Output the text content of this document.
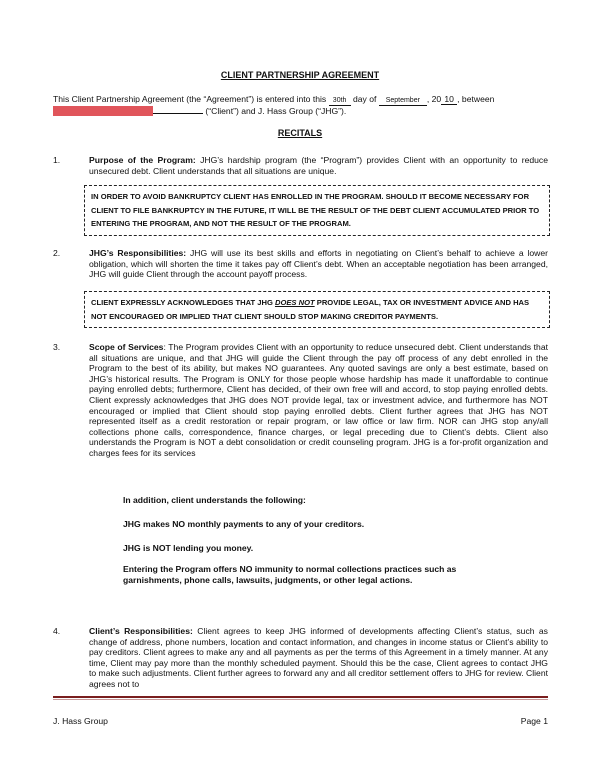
CLIENT PARTNERSHIP AGREEMENT
This Client Partnership Agreement (the “Agreement”) is entered into this 30th day of September , 20 10 , between
(“Client”) and J. Hass Group (“JHG”).
RECITALS
1.	Purpose of the Program: JHG’s hardship program (the “Program”) provides Client with an opportunity to reduce unsecured debt. Client understands that all situations are unique.
IN ORDER TO AVOID BANKRUPTCY CLIENT HAS ENROLLED IN THE PROGRAM. SHOULD IT BECOME NECESSARY FOR CLIENT TO FILE BANKRUPTCY IN THE FUTURE, IT WILL BE THE RESULT OF THE DEBT CLIENT ACCUMULATED PRIOR TO ENTERING THE PROGRAM, AND NOT THE RESULT OF THE PROGRAM.
2.	JHG’s Responsibilities: JHG will use its best skills and efforts in negotiating on Client’s behalf to achieve a lower obligation, which will shorten the time it takes pay off Client’s debt. When an acceptable negotiation has been arranged, JHG will guide Client through the account payoff process.
CLIENT EXPRESSLY ACKNOWLEDGES THAT JHG DOES NOT PROVIDE LEGAL, TAX OR INVESTMENT ADVICE AND HAS NOT ENCOURAGED OR IMPLIED THAT CLIENT SHOULD STOP MAKING CREDITOR PAYMENTS.
3.	Scope of Services: The Program provides Client with an opportunity to reduce unsecured debt. Client understands that all situations are unique, and that JHG will guide the Client through the pay off process of any debt enrolled in the Program to the best of its ability, but makes NO guarantees. Any quoted savings are only a best estimate, based on JHG’s historical results. The Program is ONLY for those people whose hardship has made it unaffordable to continue paying enrolled debts; furthermore, Client has decided, of their own free will and accord, to stop paying enrolled debts. Client expressly acknowledges that JHG does NOT provide legal, tax or investment advice, and furthermore has NOT encouraged or implied that Client should stop paying enrolled debts. Client further agrees that JHG has NOT represented itself as a credit restoration or repair program, or law office or law firm. NOR can JHG stop any/all collections phone calls, correspondence, finance charges, or legal preceding due to Client’s debts. Client also understands the Program is NOT a debt consolidation or credit counseling program. JHG is a for-profit organization and charges fees for its services
In addition, client understands the following:
JHG makes NO monthly payments to any of your creditors.
JHG is NOT lending you money.
Entering the Program offers NO immunity to normal collections practices such as garnishments, phone calls, lawsuits, judgments, or other legal actions.
4.	Client’s Responsibilities: Client agrees to keep JHG informed of developments affecting Client’s status, such as change of address, phone numbers, location and contact information, and changes in income status or Client’s ability to pay creditors. Client agrees to make any and all payments as per the terms of this Agreement in a timely manner. At any time, Client may pay more than the monthly scheduled payment. Should this be the case, Client agrees to contact JHG to make such adjustments. Client further agrees to forward any and all creditor settlement offers to JHG for review. Client agrees not to
J. Hass Group	Page 1
